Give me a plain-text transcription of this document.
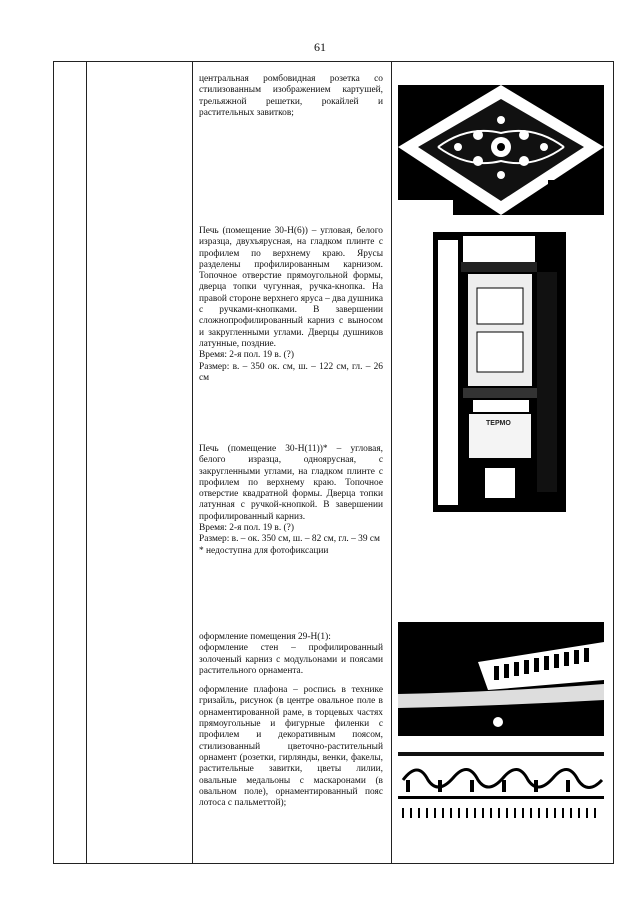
61

центральная ромбовидная розетка со стилизованным изображением картушей, трельяжной решетки, рокайлей и растительных завитков;

Печь (помещение 30-Н(6)) – угловая, белого изразца, двухъярусная, на гладком плинте с профилем по верхнему краю. Ярусы разделены профилированным карнизом. Топочное отверстие прямоугольной формы, дверца топки чугунная, ручка-кнопка. На правой стороне верхнего яруса – два душника с ручками-кнопками. В завершении сложнопрофилированный карниз с выносом и закругленными углами. Дверцы душников латунные, поздние.

Время: 2-я пол. 19 в. (?)

Размер: в. – 350 ок. см, ш. – 122 см, гл. – 26 см

Печь (помещение 30-Н(11))* – угловая, белого изразца, одноярусная, с закругленными углами, на гладком плинте с профилем по верхнему краю. Топочное отверстие квадратной формы. Дверца топки латунная с ручкой-кнопкой. В завершении профилированный карниз.

Время: 2-я пол. 19 в. (?)

Размер: в. – ок. 350 см, ш. – 82 см, гл. – 39 см

* недоступна для фотофиксации

оформление помещения 29-Н(1):

оформление стен – профилированный золоченый карниз с модульонами и поясами растительного орнамента.

оформление плафона – роспись в технике гризайль, рисунок (в центре овальное поле в орнаментированной раме, в торцевых частях прямоугольные и фигурные филенки с профилем и декоративным поясом, стилизованный цветочно-растительный орнамент (розетки, гирлянды, венки, факелы, растительные завитки, цветы лилии, овальные медальоны с маскаронами (в овальном поле), орнаментированный пояс лотоса с пальметтой);

ТЕРМО
